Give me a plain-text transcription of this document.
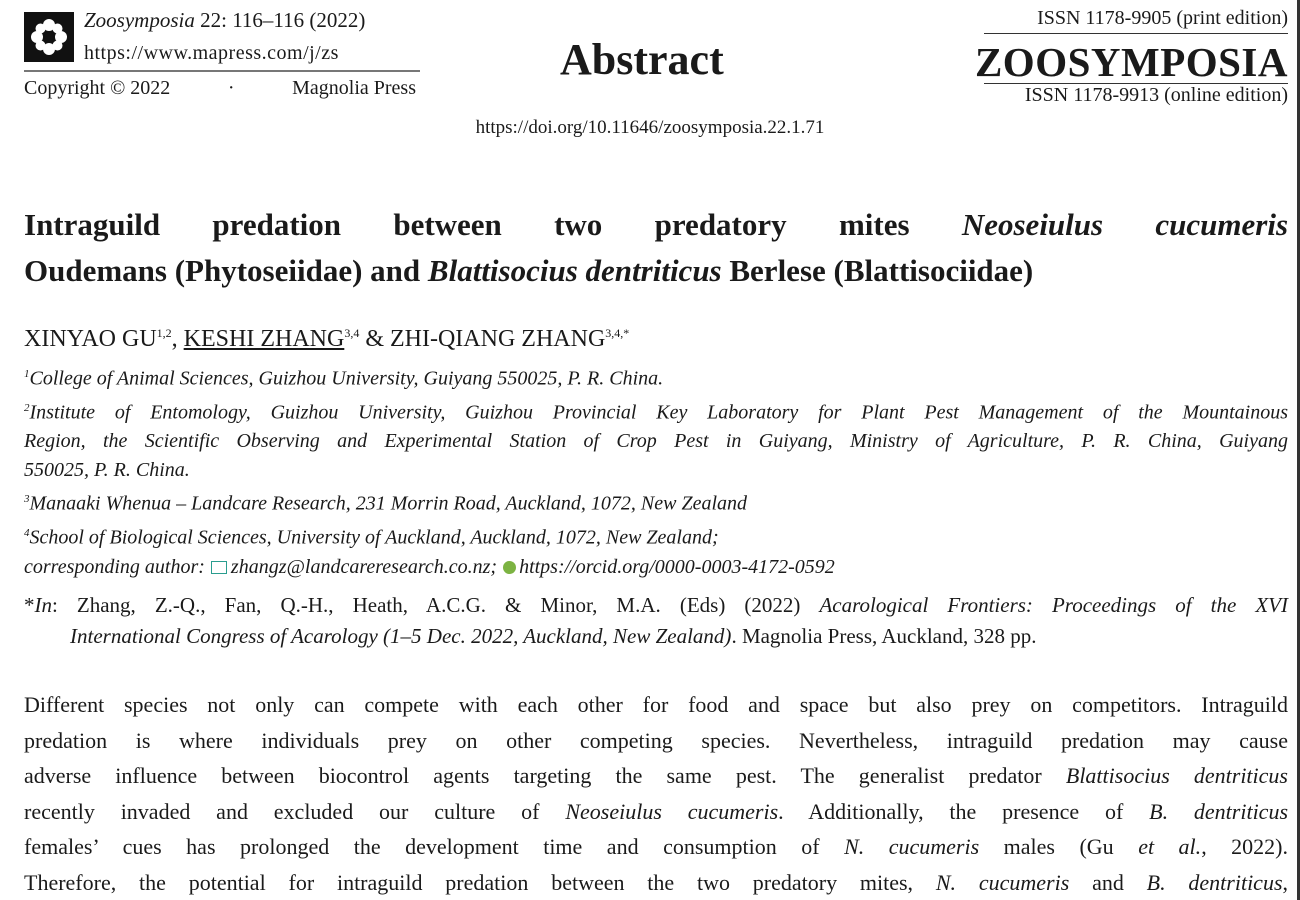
Zoosymposia 22: 116–116 (2022)
https://www.mapress.com/j/zs
Copyright © 2022	·	Magnolia Press
Abstract
https://doi.org/10.11646/zoosymposia.22.1.71
ISSN 1178-9905 (print edition)
ZOOSYMPOSIA
ISSN 1178-9913 (online edition)
Intraguild predation between two predatory mites Neoseiulus cucumeris
Oudemans (Phytoseiidae) and Blattisocius dentriticus Berlese (Blattisociidae)
XINYAO GU$^{1,2}$, KESHI ZHANG$^{3,4}$ & ZHI-QIANG $ZHANG^{3,4,*}$
$^1$College of Animal Sciences, Guizhou University, Guiyang 550025, P. R. China.
$^2$Institute of Entomology, Guizhou University, Guizhou Provincial Key Laboratory for Plant Pest Management of the Mountainous
Region, the Scientific Observing and Experimental Station of Crop Pest in Guiyang, Ministry of Agriculture, P. R. China, Guiyang
550025, P. R. China.
$^3$Manaaki Whenua – Landcare Research, 231 Morrin Road, Auckland, 1072, New Zealand
$^4$School of Biological Sciences, University of Auckland, Auckland, 1072, New Zealand;
corresponding author: zhangz@landcareresearch.co.nz; https://orcid.org/0000-0003-4172-0592
*In: Zhang, Z.-Q., Fan, Q.-H., Heath, A.C.G. & Minor, M.A. (Eds) (2022) Acarological Frontiers: Proceedings of the XVI
International Congress of Acarology (1–5 Dec. 2022, Auckland, New Zealand). Magnolia Press, Auckland, 328 pp.
Different species not only can compete with each other for food and space but also prey on competitors. Intraguild
predation is where individuals prey on other competing species. Nevertheless, intraguild predation may cause
adverse influence between biocontrol agents targeting the same pest. The generalist predator Blattisocius dentriticus
recently invaded and excluded our culture of Neoseiulus cucumeris. Additionally, the presence of B. dentriticus
females’ cues has prolonged the development time and consumption of N. cucumeris males (Gu et al., 2022).
Therefore, the potential for intraguild predation between the two predatory mites, N. cucumeris and B. dentriticus,
